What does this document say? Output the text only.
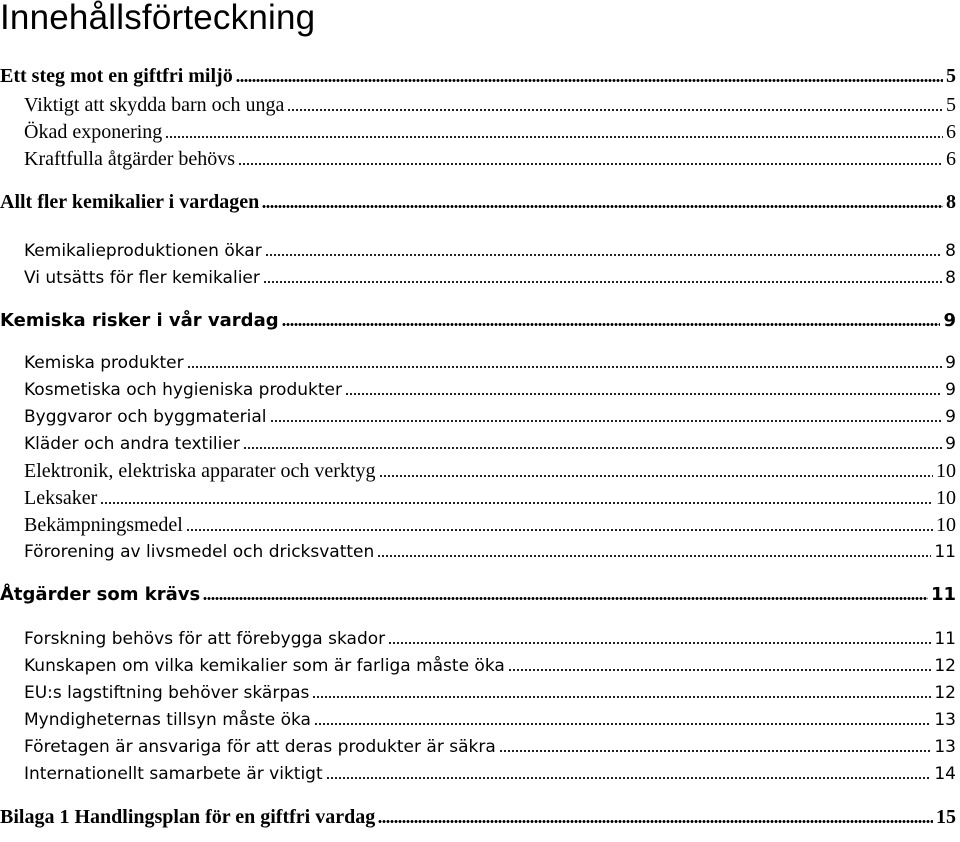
Innehållsförteckning
Ett steg mot en giftfri miljö	5
Viktigt att skydda barn och unga	5
Ökad exponering	6
Kraftfulla åtgärder behövs	6
Allt fler kemikalier i vardagen	8
Kemikalieproduktionen ökar	8
Vi utsätts för fler kemikalier	8
Kemiska risker i vår vardag	9
Kemiska produkter	9
Kosmetiska och hygieniska produkter	9
Byggvaror och byggmaterial	9
Kläder och andra textilier	9
Elektronik, elektriska apparater och verktyg	10
Leksaker	10
Bekämpningsmedel	10
Förorening av livsmedel och dricksvatten	11
Åtgärder som krävs	11
Forskning behövs för att förebygga skador	11
Kunskapen om vilka kemikalier som är farliga måste öka	12
EU:s lagstiftning behöver skärpas	12
Myndigheternas tillsyn måste öka	13
Företagen är ansvariga för att deras produkter är säkra	13
Internationellt samarbete är viktigt	14
Bilaga 1 Handlingsplan för en giftfri vardag	15
